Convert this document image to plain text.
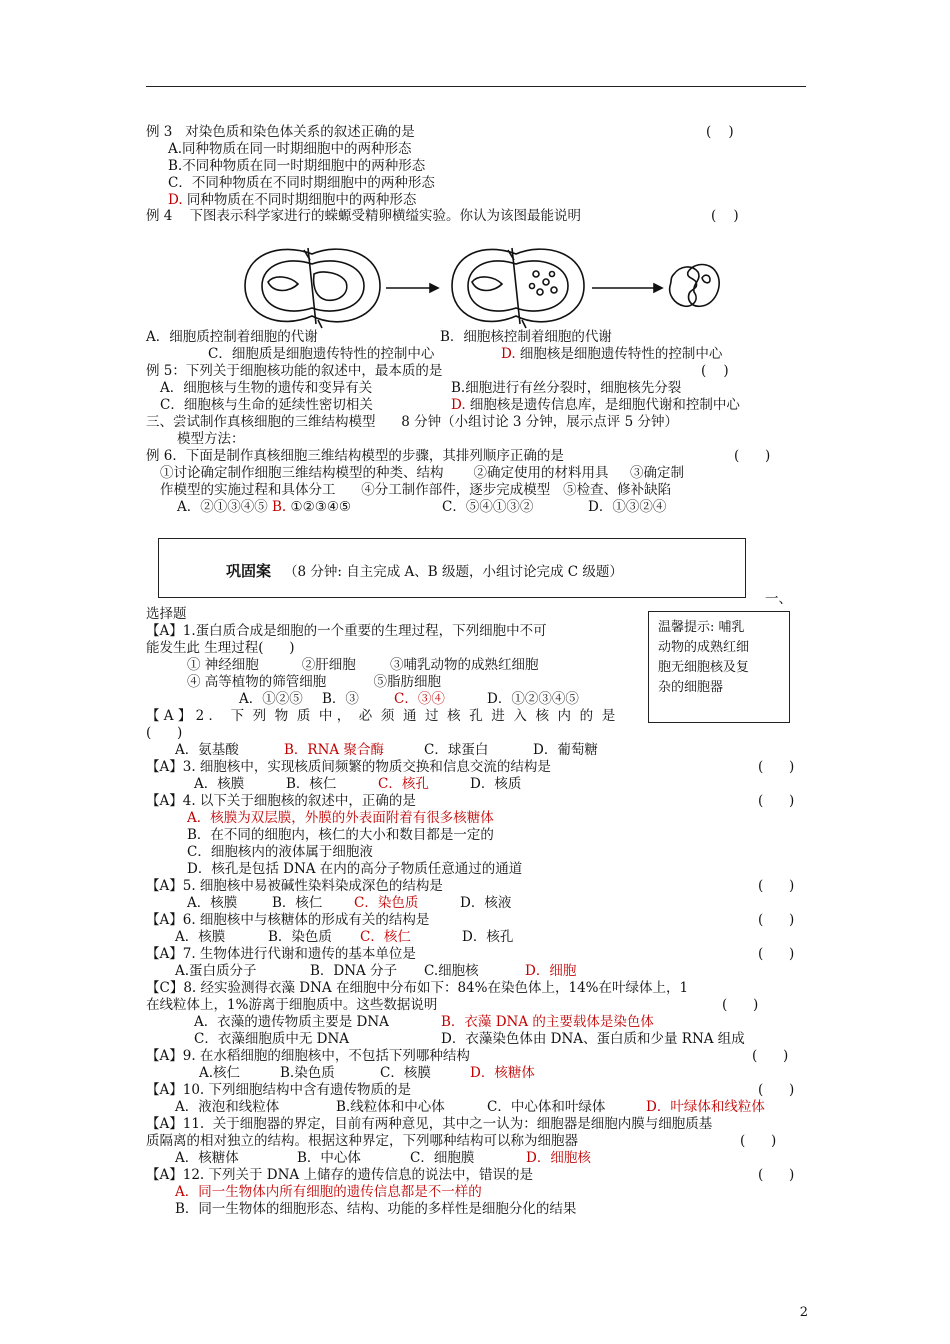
例 3   对染色质和染色体关系的叙述正确的是	(    )
A.同种物质在同一时期细胞中的两种形态
B.不同种物质在同一时期细胞中的两种形态
C．不同种物质在不同时期细胞中的两种形态
D. 同种物质在不同时期细胞中的两种形态
例 4    下图表示科学家进行的蝾螈受精卵横缢实验。你认为该图最能说明	(    )
A．细胞质控制着细胞的代谢	B．细胞核控制着细胞的代谢
C．细胞质是细胞遗传特性的控制中心	D. 细胞核是细胞遗传特性的控制中心
例 5：下列关于细胞核功能的叙述中，最本质的是	(    )
A．细胞核与生物的遗传和变异有关	B.细胞进行有丝分裂时，细胞核先分裂
C．细胞核与生命的延续性密切相关	D. 细胞核是遗传信息库，是细胞代谢和控制中心
三、尝试制作真核细胞的三维结构模型      8 分钟（小组讨论 3 分钟，展示点评 5 分钟）
模型方法：
例 6．下面是制作真核细胞三维结构模型的步骤，其排列顺序正确的是	(      )
①讨论确定制作细胞三维结构模型的种类、结构       ②确定使用的材料用具     ③确定制
作模型的实施过程和具体分工      ④分工制作部件，逐步完成模型   ⑤检查、修补缺陷
A．②①③④⑤ B. ①②③④⑤	C．⑤④①③②	D．①③②④
巩固案 （8 分钟: 自主完成 A、B 级题，小组讨论完成 C 级题）
一、
选择题
温馨提示: 哺乳
动物的成熟红细
胞无细胞核及复
杂的细胞器
【A】1.蛋白质合成是细胞的一个重要的生理过程，下列细胞中不可
能发生此 生理过程(      )
① 神经细胞          ②肝细胞        ③哺乳动物的成熟红细胞
④ 高等植物的筛管细胞           ⑤脂肪细胞
A．①②⑤ B．③	C．③④	D．①②③④⑤
【 A 】 2 ．  下  列  物  质  中 ，  必  须  通  过  核  孔  进  入  核  内  的  是
(      )
A．氨基酸	B．RNA 聚合酶	C．球蛋白	D．葡萄糖
【A】3. 细胞核中，实现核质间频繁的物质交换和信息交流的结构是	(      )
A．核膜	B．核仁	C．核孔	D．核质
【A】4. 以下关于细胞核的叙述中，正确的是	(      )
A．核膜为双层膜，外膜的外表面附着有很多核糖体
B．在不同的细胞内，核仁的大小和数目都是一定的
C．细胞核内的液体属于细胞液
D．核孔是包括 DNA 在内的高分子物质任意通过的通道
【A】5. 细胞核中易被碱性染料染成深色的结构是	(      )
A．核膜	B．核仁 C．染色质	D．核液
【A】6. 细胞核中与核糖体的形成有关的结构是	(      )
A．核膜	B．染色质 C．核仁	D．核孔
【A】7. 生物体进行代谢和遗传的基本单位是	(      )
A.蛋白质分子	B．DNA 分子 C.细胞核	D．细胞
【C】8. 经实验测得衣藻 DNA 在细胞中分布如下：84%在染色体上，14%在叶绿体上，1
在线粒体上，1%游离于细胞质中。这些数据说明	(      )
A．衣藻的遗传物质主要是 DNA	B．衣藻 DNA 的主要载体是染色体
C．衣藻细胞质中无 DNA	D．衣藻染色体由 DNA、蛋白质和少量 RNA 组成
【A】9. 在水稻细胞的细胞核中，不包括下列哪种结构	(      )
A.核仁	B.染色质	C．核膜	D．核糖体
【A】10. 下列细胞结构中含有遗传物质的是	(      )
A．液泡和线粒体	B.线粒体和中心体	C．中心体和叶绿体	D．叶绿体和线粒体
【A】11.  关于细胞器的界定，目前有两种意见，其中之一认为：细胞器是细胞内膜与细胞质基
质隔离的相对独立的结构。根据这种界定，下列哪种结构可以称为细胞器	(      )
A．核糖体	B．中心体	C．细胞膜	D．细胞核
【A】12. 下列关于 DNA 上储存的遗传信息的说法中，错误的是	(      )
A．同一生物体内所有细胞的遗传信息都是不一样的
B．同一生物体的细胞形态、结构、功能的多样性是细胞分化的结果
2
